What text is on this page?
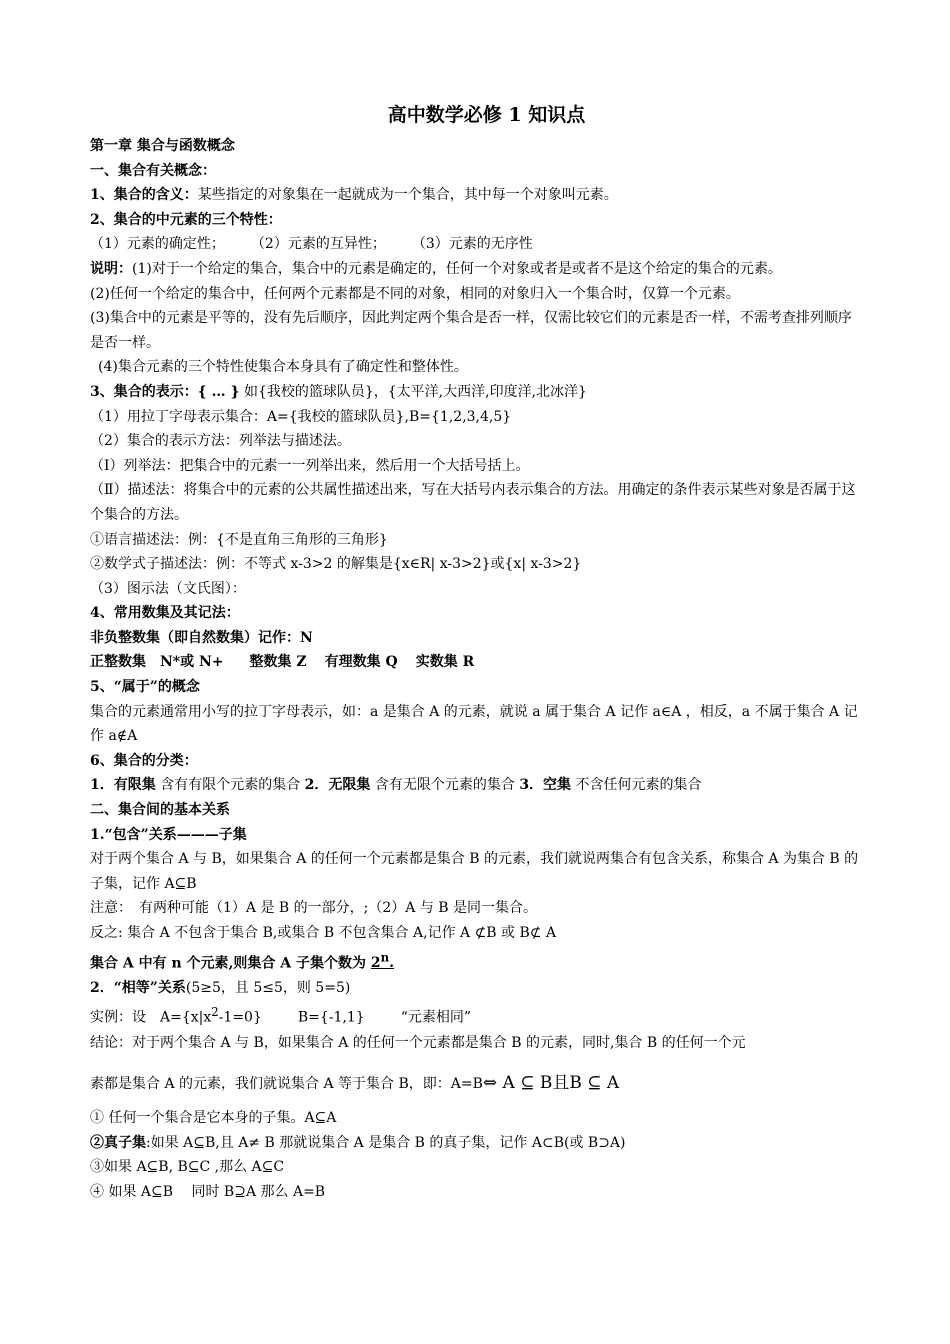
高中数学必修 1 知识点
第一章 集合与函数概念
一、集合有关概念：
1、集合的含义：某些指定的对象集在一起就成为一个集合，其中每一个对象叫元素。
2、集合的中元素的三个特性：
（1）元素的确定性； （2）元素的互异性； （3）元素的无序性
说明：(1)对于一个给定的集合，集合中的元素是确定的，任何一个对象或者是或者不是这个给定的集合的元素。
(2)任何一个给定的集合中，任何两个元素都是不同的对象，相同的对象归入一个集合时，仅算一个元素。
(3)集合中的元素是平等的，没有先后顺序，因此判定两个集合是否一样，仅需比较它们的元素是否一样，不需考查排列顺序是否一样。
(4)集合元素的三个特性使集合本身具有了确定性和整体性。
3、集合的表示：{ … } 如{我校的篮球队员}，{太平洋,大西洋,印度洋,北冰洋}
（1）用拉丁字母表示集合：A={我校的篮球队员},B={1,2,3,4,5}
（2）集合的表示方法：列举法与描述法。
（Ⅰ）列举法：把集合中的元素一一列举出来，然后用一个大括号括上。
（Ⅱ）描述法：将集合中的元素的公共属性描述出来，写在大括号内表示集合的方法。用确定的条件表示某些对象是否属于这个集合的方法。
①语言描述法：例：{不是直角三角形的三角形}
②数学式子描述法：例：不等式 x-3>2 的解集是{x∈R| x-3>2}或{x| x-3>2}
（3）图示法（文氏图）：
4、常用数集及其记法：
非负整数集（即自然数集）记作：N
正整数集　N*或 N+ 整数集 Z 有理数集 Q 实数集 R
5、“属于”的概念
集合的元素通常用小写的拉丁字母表示，如：a 是集合 A 的元素，就说 a 属于集合 A 记作 a∈A ，相反，a 不属于集合 A 记作 a∉A
6、集合的分类：
1．有限集 含有有限个元素的集合 2．无限集 含有无限个元素的集合 3．空集 不含任何元素的集合
二、集合间的基本关系
1.“包含”关系———子集
对于两个集合 A 与 B，如果集合 A 的任何一个元素都是集合 B 的元素，我们就说两集合有包含关系，称集合 A 为集合 B 的子集，记作 A⊆B
注意：　有两种可能（1）A 是 B 的一部分，;（2）A 与 B 是同一集合。
反之: 集合 A 不包含于集合 B,或集合 B 不包含集合 A,记作 A ⊄B 或 B⊄ A
集合 A 中有 n 个元素,则集合 A 子集个数为 2$^n$.
2．“相等”关系(5≥5，且 5≤5，则 5=5)
实例：设　$A=\{x|x^2-1=0\}$	B={-1,1}	“元素相同”
结论：对于两个集合 A 与 B，如果集合 A 的任何一个元素都是集合 B 的元素，同时,集合 B 的任何一个元
素都是集合 A 的元素，我们就说集合 A 等于集合 B，即：A=B⇔ A ⊆ B且B ⊆ A
① 任何一个集合是它本身的子集。A⊆A
②真子集:如果 A⊆B,且 A≠ B 那就说集合 A 是集合 B 的真子集，记作 A⊂B(或 B⊃A)
③如果 A⊆B, B⊆C ,那么 A⊆C
④ 如果 A⊆B　 同时 B⊇A 那么 A=B
